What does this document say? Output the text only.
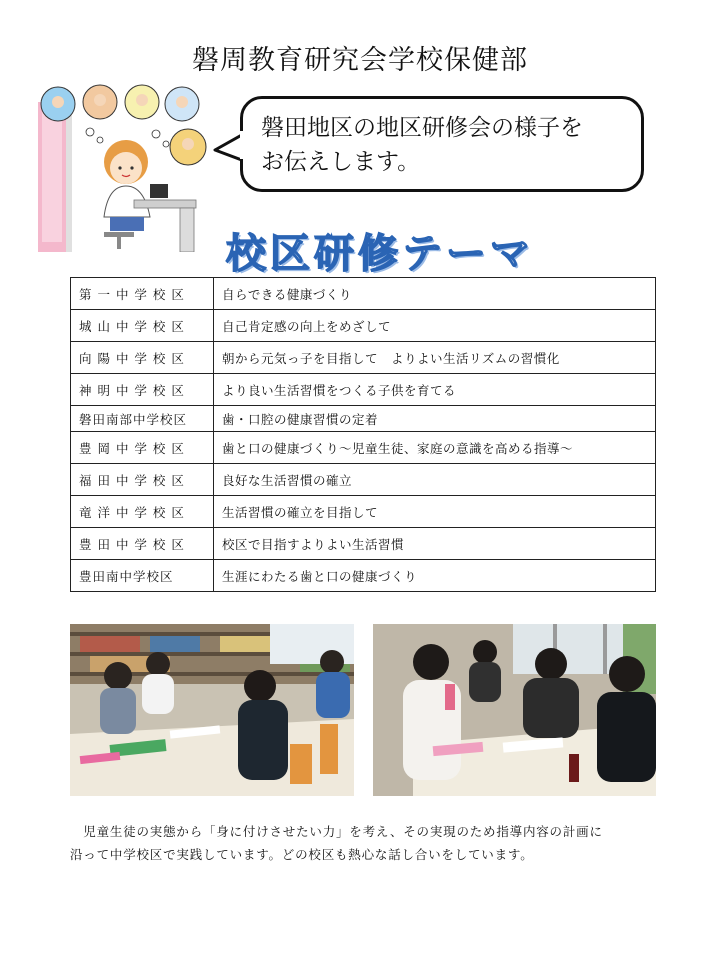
磐周教育研究会学校保健部
磐田地区の地区研修会の様子を
お伝えします。
校区研修テーマ
第 一 中 学 校 区	自らできる健康づくり
城 山 中 学 校 区	自己肯定感の向上をめざして
向 陽 中 学 校 区	朝から元気っ子を目指して　よりよい生活リズムの習慣化
神 明 中 学 校 区	より良い生活習慣をつくる子供を育てる
磐田南部中学校区	歯・口腔の健康習慣の定着
豊 岡 中 学 校 区	歯と口の健康づくり～児童生徒、家庭の意識を高める指導～
福 田 中 学 校 区	良好な生活習慣の確立
竜 洋 中 学 校 区	生活習慣の確立を目指して
豊 田 中 学 校 区	校区で目指すよりよい生活習慣
豊田南中学校区	生涯にわたる歯と口の健康づくり
　児童生徒の実態から「身に付けさせたい力」を考え、その実現のため指導内容の計画に
沿って中学校区で実践しています。どの校区も熱心な話し合いをしています。
